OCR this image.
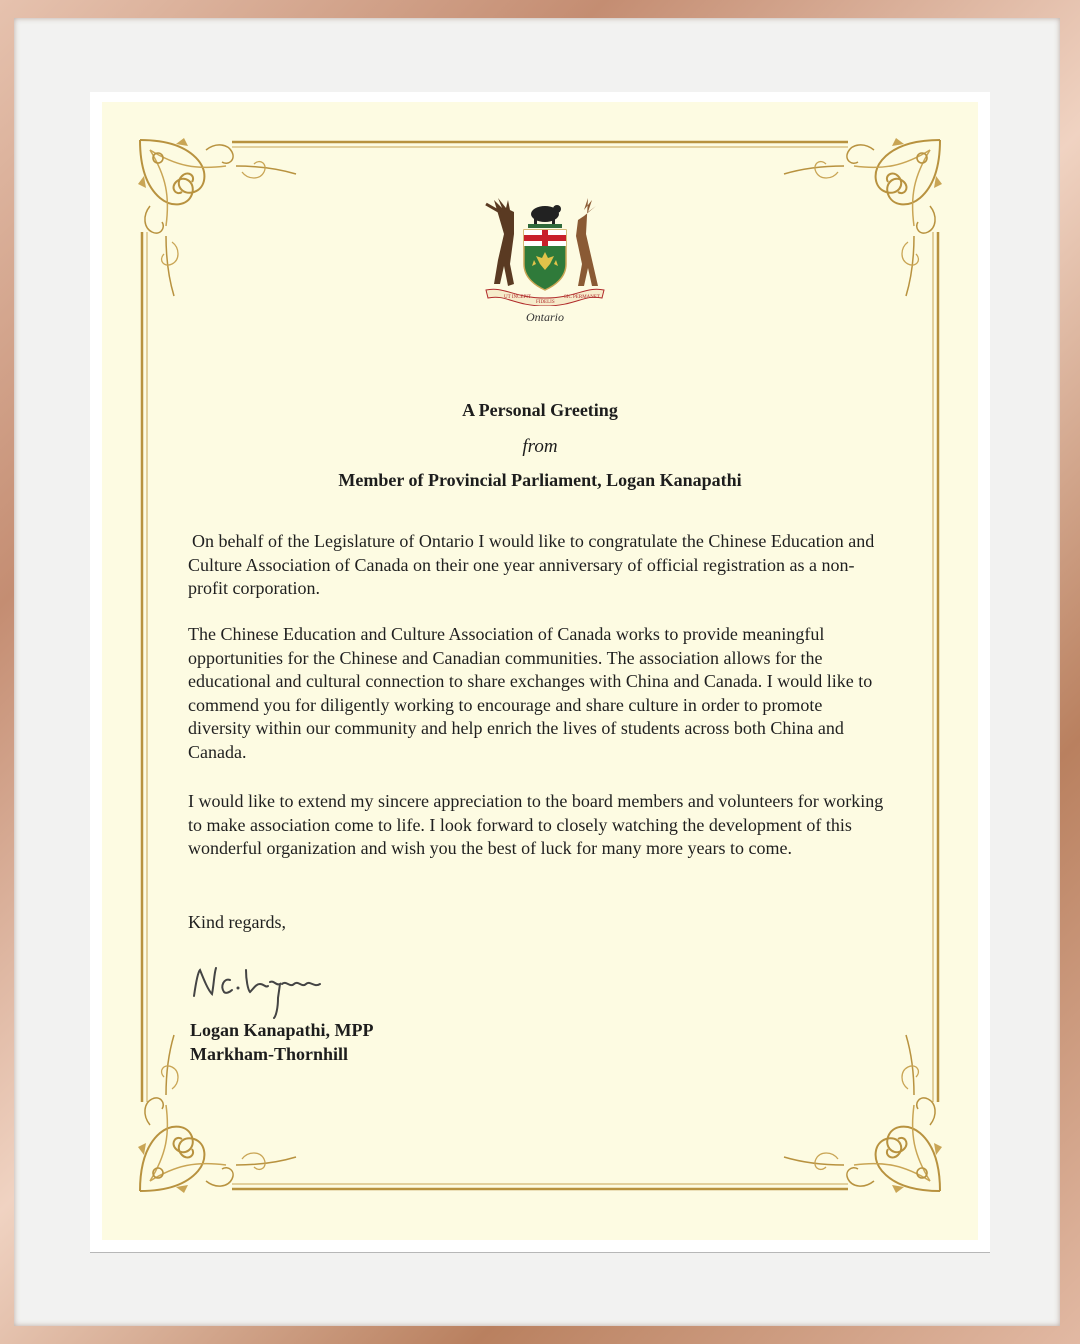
UT INCEPIT
FIDELIS
SIC PERMANET
Ontario
A Personal Greeting
from
Member of Provincial Parliament, Logan Kanapathi

On behalf of the Legislature of Ontario I would like to congratulate the Chinese Education and Culture Association of Canada on their one year anniversary of official registration as a non-profit corporation.

The Chinese Education and Culture Association of Canada works to provide meaningful opportunities for the Chinese and Canadian communities. The association allows for the educational and cultural connection to share exchanges with China and Canada. I would like to commend you for diligently working to encourage and share culture in order to promote diversity within our community and help enrich the lives of students across both China and Canada.

I would like to extend my sincere appreciation to the board members and volunteers for working to make association come to life. I look forward to closely watching the development of this wonderful organization and wish you the best of luck for many more years to come.

Kind regards,

Logan Kanapathi, MPP
Markham-Thornhill
